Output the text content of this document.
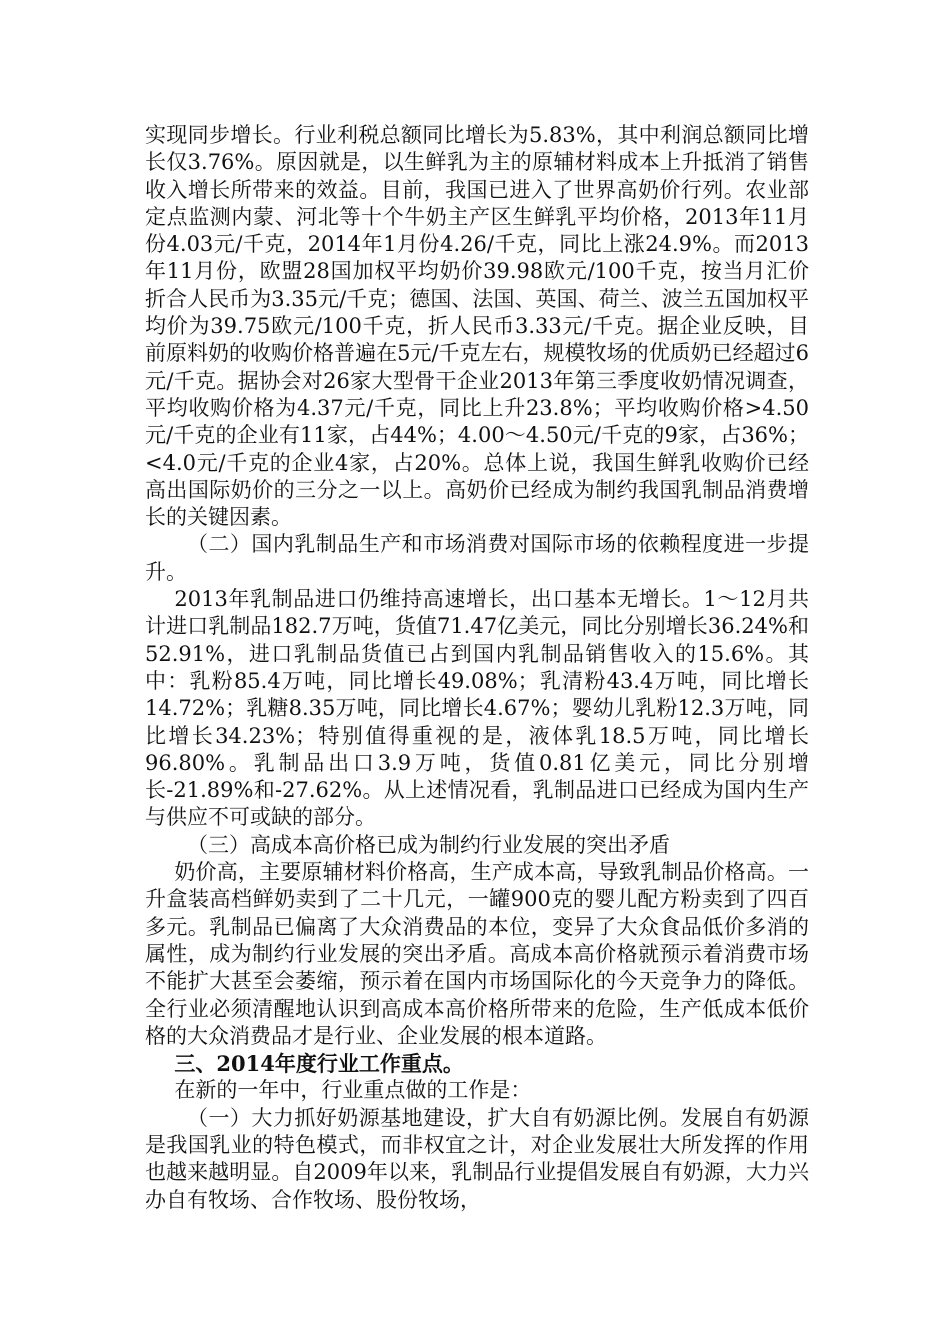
实现同步增长。行业利税总额同比增长为5.83%，其中利润总额同比增长仅3.76%。原因就是，以生鲜乳为主的原辅材料成本上升抵消了销售收入增长所带来的效益。目前，我国已进入了世界高奶价行列。农业部定点监测内蒙、河北等十个牛奶主产区生鲜乳平均价格，2013年11月份4.03元/千克，2014年1月份4.26/千克，同比上涨24.9%。而2013年11月份，欧盟28国加权平均奶价39.98欧元/100千克，按当月汇价折合人民币为3.35元/千克；德国、法国、英国、荷兰、波兰五国加权平均价为39.75欧元/100千克，折人民币3.33元/千克。据企业反映，目前原料奶的收购价格普遍在5元/千克左右，规模牧场的优质奶已经超过6元/千克。据协会对26家大型骨干企业2013年第三季度收奶情况调查，平均收购价格为4.37元/千克，同比上升23.8%；平均收购价格>4.50元/千克的企业有11家，占44%；4.00～4.50元/千克的9家，占36%；<4.0元/千克的企业4家，占20%。总体上说，我国生鲜乳收购价已经高出国际奶价的三分之一以上。高奶价已经成为制约我国乳制品消费增长的关键因素。

（二）国内乳制品生产和市场消费对国际市场的依赖程度进一步提升。

2013年乳制品进口仍维持高速增长，出口基本无增长。1～12月共计进口乳制品182.7万吨，货值71.47亿美元，同比分别增长36.24%和52.91%，进口乳制品货值已占到国内乳制品销售收入的15.6%。其中：乳粉85.4万吨，同比增长49.08%；乳清粉43.4万吨，同比增长14.72%；乳糖8.35万吨，同比增长4.67%；婴幼儿乳粉12.3万吨，同比增长34.23%；特别值得重视的是，液体乳18.5万吨，同比增长96.80%。乳制品出口3.9万吨，货值0.81亿美元，同比分别增长-21.89%和-27.62%。从上述情况看，乳制品进口已经成为国内生产与供应不可或缺的部分。

（三）高成本高价格已成为制约行业发展的突出矛盾

奶价高，主要原辅材料价格高，生产成本高，导致乳制品价格高。一升盒装高档鲜奶卖到了二十几元，一罐900克的婴儿配方粉卖到了四百多元。乳制品已偏离了大众消费品的本位，变异了大众食品低价多消的属性，成为制约行业发展的突出矛盾。高成本高价格就预示着消费市场不能扩大甚至会萎缩，预示着在国内市场国际化的今天竞争力的降低。全行业必须清醒地认识到高成本高价格所带来的危险，生产低成本低价格的大众消费品才是行业、企业发展的根本道路。

三、2014年度行业工作重点。

在新的一年中，行业重点做的工作是：

（一）大力抓好奶源基地建设，扩大自有奶源比例。发展自有奶源是我国乳业的特色模式，而非权宜之计，对企业发展壮大所发挥的作用也越来越明显。自2009年以来，乳制品行业提倡发展自有奶源，大力兴办自有牧场、合作牧场、股份牧场，
